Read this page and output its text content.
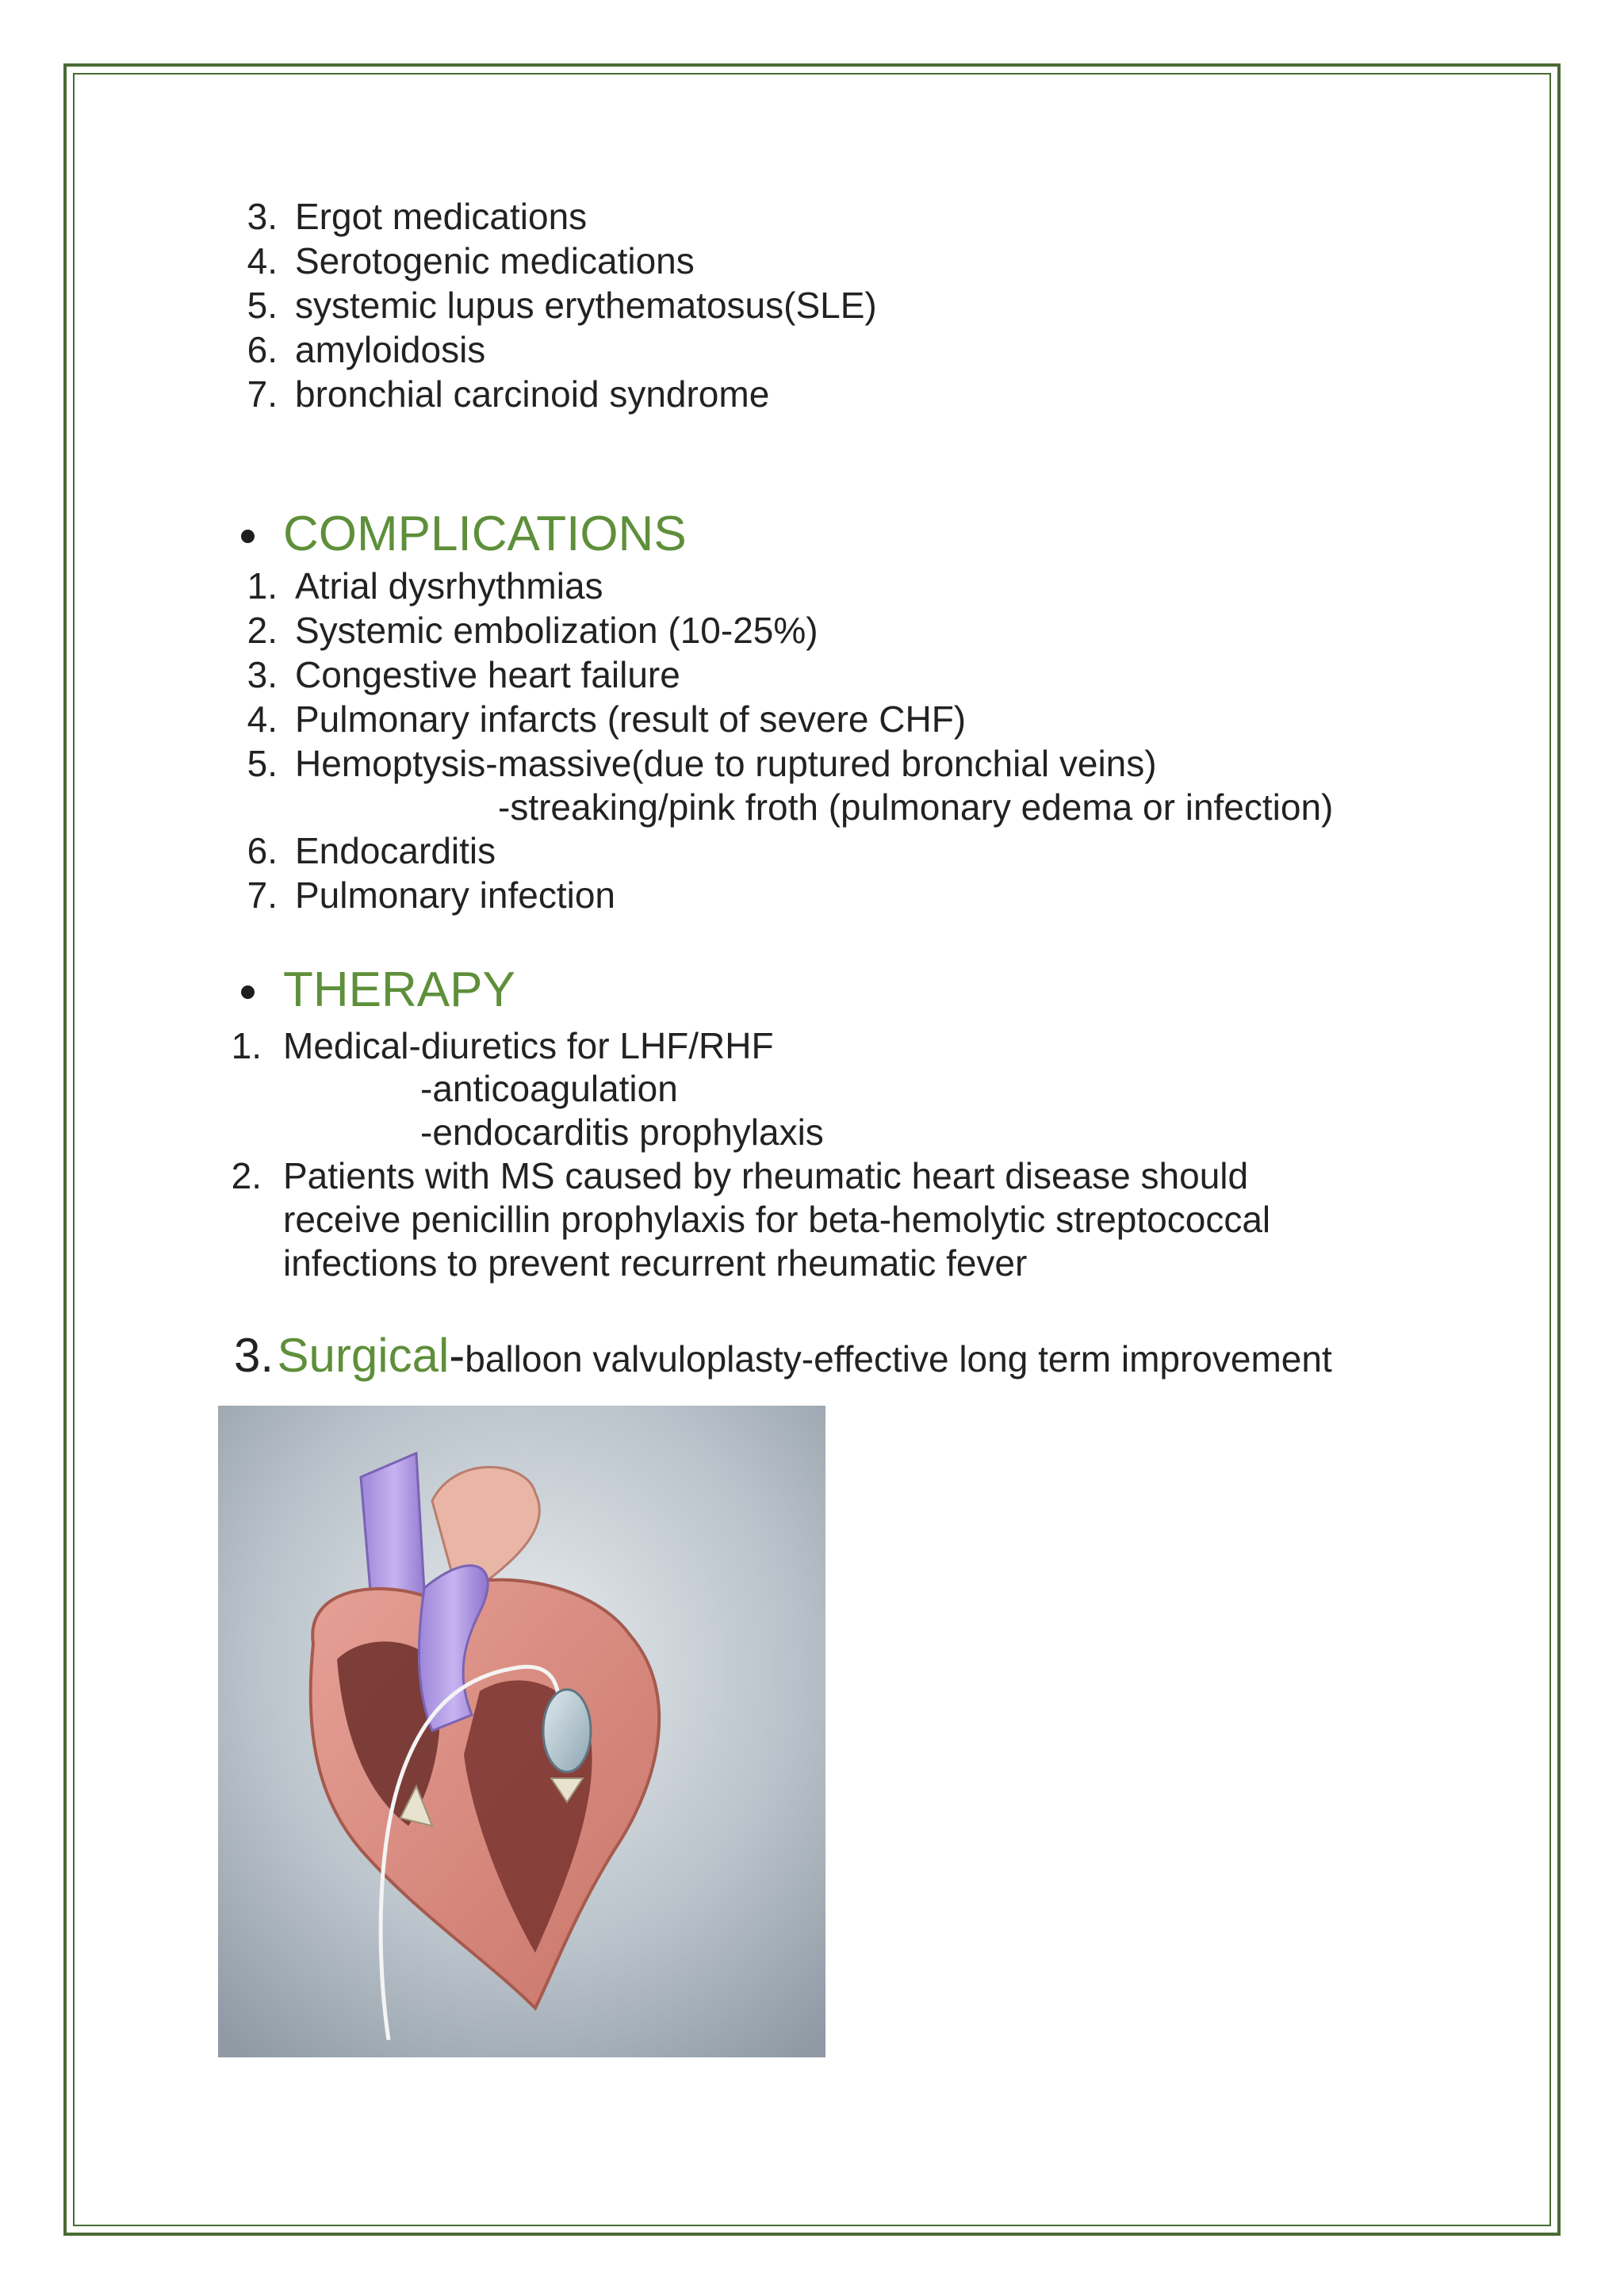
3. Ergot medications
4. Serotogenic medications
5. systemic lupus erythematosus(SLE)
6. amyloidosis
7. bronchial carcinoid syndrome
COMPLICATIONS
1. Atrial dysrhythmias
2. Systemic embolization (10-25%)
3. Congestive heart failure
4. Pulmonary infarcts (result of severe CHF)
5. Hemoptysis-massive(due to ruptured bronchial veins)
-streaking/pink froth (pulmonary edema or infection)
6. Endocarditis
7. Pulmonary infection
THERAPY
1. Medical-diuretics for LHF/RHF
-anticoagulation
-endocarditis prophylaxis
2. Patients with MS caused by rheumatic heart disease should
receive penicillin prophylaxis for beta-hemolytic streptococcal
infections to prevent recurrent rheumatic fever
3. Surgical-balloon valvuloplasty-effective long term improvement
